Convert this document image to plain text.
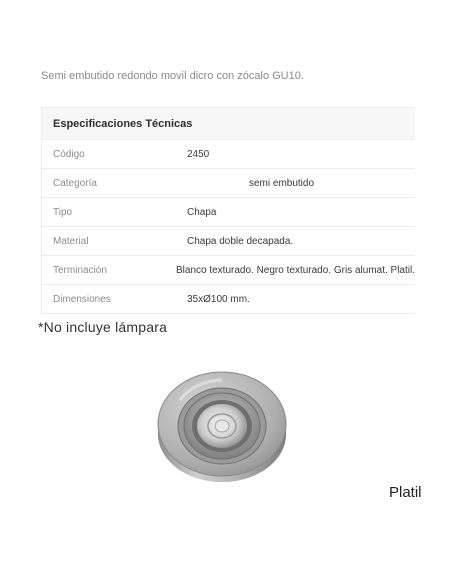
Semi embutido redondo movil dicro con zócalo GU10.
Especificaciones Técnicas
Código	2450
Categoría	semi embutido
Tipo	Chapa
Material	Chapa doble decapada.
Terminación	Blanco texturado. Negro texturado. Gris alumat. Platil.
Dimensiones	35xØ100 mm.
*No incluye lámpara
Platil
